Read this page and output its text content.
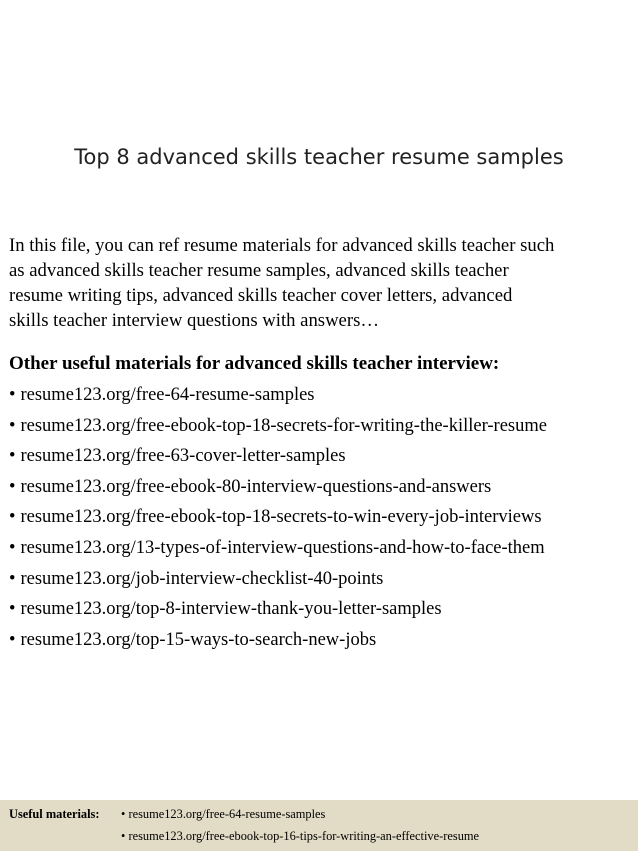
Top 8 advanced skills teacher resume samples
In this file, you can ref resume materials for advanced skills teacher such
as advanced skills teacher resume samples, advanced skills teacher
resume writing tips, advanced skills teacher cover letters, advanced
skills teacher interview questions with answers…
Other useful materials for advanced skills teacher interview:
• resume123.org/free-64-resume-samples
• resume123.org/free-ebook-top-18-secrets-for-writing-the-killer-resume
• resume123.org/free-63-cover-letter-samples
• resume123.org/free-ebook-80-interview-questions-and-answers
• resume123.org/free-ebook-top-18-secrets-to-win-every-job-interviews
• resume123.org/13-types-of-interview-questions-and-how-to-face-them
• resume123.org/job-interview-checklist-40-points
• resume123.org/top-8-interview-thank-you-letter-samples
• resume123.org/top-15-ways-to-search-new-jobs
Useful materials: • resume123.org/free-64-resume-samples
• resume123.org/free-ebook-top-16-tips-for-writing-an-effective-resume
